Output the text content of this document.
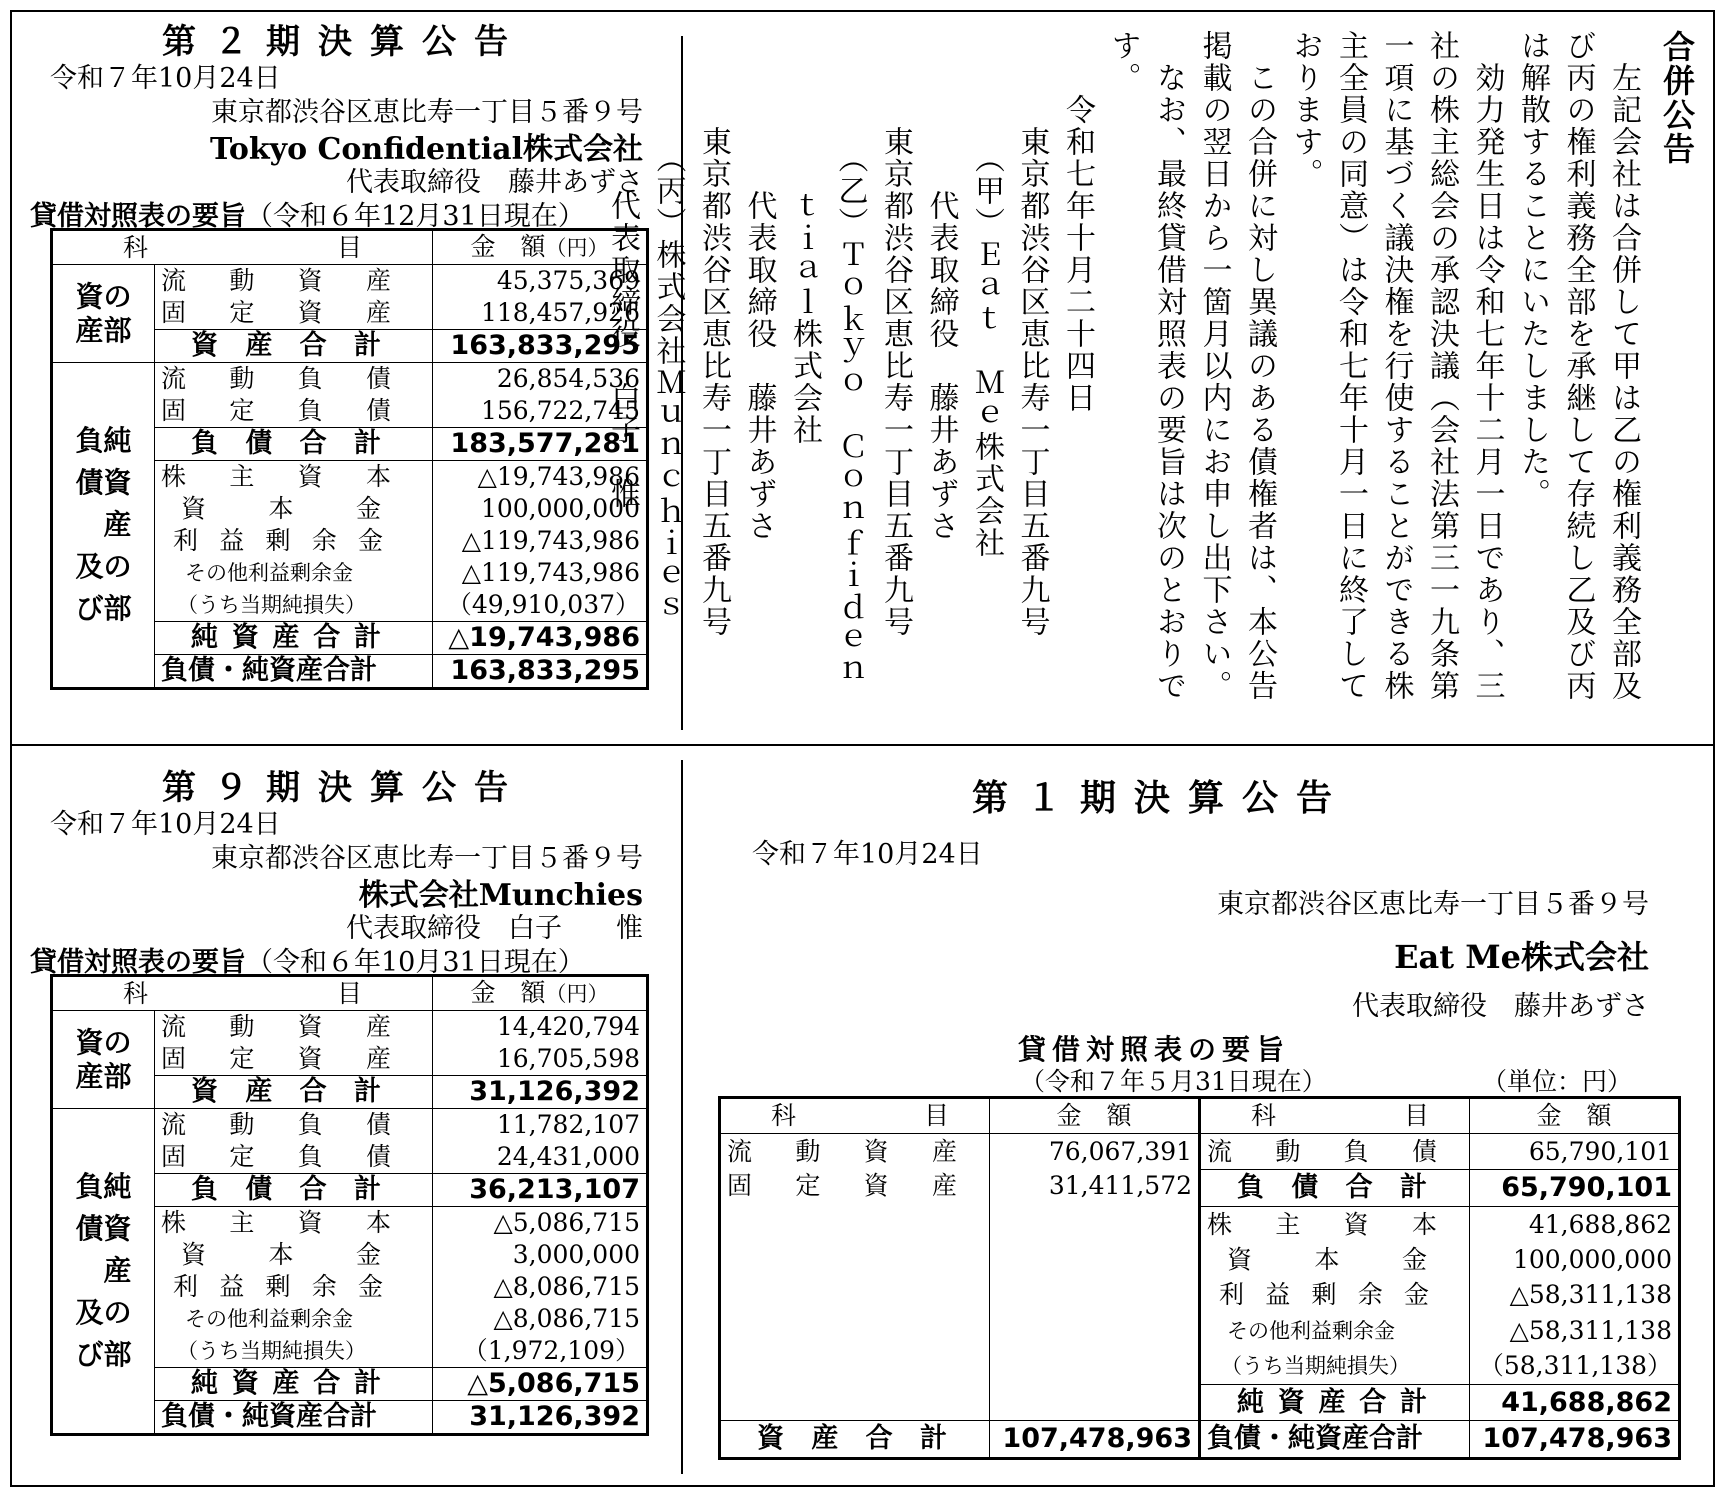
第２期決算公告
令和７年10月24日
東京都渋谷区恵比寿一丁目５番９号
Tokyo Confidential株式会社
代表取締役　藤井あずさ
貸借対照表の要旨（令和６年12月31日現在）
科 目		金　額（円）
資の
産部	流動資産	45,375,369

	固定資産	118,457,926

	資産合計	163,833,295
負純
債資
　産
及の
び部	流動負債	26,854,536

	固定負債	156,722,745

	負債合計	183,577,281

	株主資本	△19,743,986

	資本金	100,000,000

	利益剰余金	△119,743,986
	その他利益剰余金	△119,743,986
	（うち当期純損失）	（49,910,037）

	純資産合計	△19,743,986
	負債・純資産合計	163,833,295
合併公告
　左記会社は合併して甲は乙の権利義務全部及
び丙の権利義務全部を承継して存続し乙及び丙
は解散することにいたしました。
　効力発生日は令和七年十二月一日であり、三
社の株主総会の承認決議（会社法第三一九条第
一項に基づく議決権を行使することができる株
主全員の同意）は令和七年十月一日に終了して
おります。
　この合併に対し異議のある債権者は、本公告
掲載の翌日から一箇月以内にお申し出下さい。
　なお、最終貸借対照表の要旨は次のとおりで
す。
　　令和七年十月二十四日
　　　東京都渋谷区恵比寿一丁目五番九号
　　　　（甲）Ｅａｔ　Ｍｅ株式会社
　　　　　代表取締役　藤井あずさ
　　　東京都渋谷区恵比寿一丁目五番九号
　　　　（乙）Ｔｏｋｙｏ　Ｃｏｎｆｉｄｅｎ
　　　　　ｔｉａｌ株式会社
　　　　　代表取締役　藤井あずさ
　　　東京都渋谷区恵比寿一丁目五番九号
　　　　（丙）株式会社Ｍｕｎｃｈｉｅｓ
　　　　　代表取締役　白子　惟
第９期決算公告
令和７年10月24日
東京都渋谷区恵比寿一丁目５番９号
株式会社Munchies
代表取締役　白子　　惟
貸借対照表の要旨（令和６年10月31日現在）
科 目		金　額（円）
資の
産部	流動資産	14,420,794

	固定資産	16,705,598

	資産合計	31,126,392
負純
債資
　産
及の
び部	流動負債	11,782,107

	固定負債	24,431,000

	負債合計	36,213,107

	株主資本	△5,086,715

	資本金	3,000,000

	利益剰余金	△8,086,715
	その他利益剰余金	△8,086,715
	（うち当期純損失）	（1,972,109）

	純資産合計	△5,086,715
	負債・純資産合計	31,126,392
第１期決算公告
令和７年10月24日
東京都渋谷区恵比寿一丁目５番９号
Eat Me株式会社
代表取締役　藤井あずさ
貸借対照表の要旨
（令和７年５月31日現在）	（単位：円）
科 目	金　額

流動資産	76,067,391

固定資産	31,411,572

資産合計	107,478,963
科 目	金　額

流動負債	65,790,101

負債合計	65,790,101

株主資本	41,688,862

資本金	100,000,000

利益剰余金	△58,311,138
その他利益剰余金	△58,311,138
（うち当期純損失）	（58,311,138）

純資産合計	41,688,862
負債・純資産合計	107,478,963
